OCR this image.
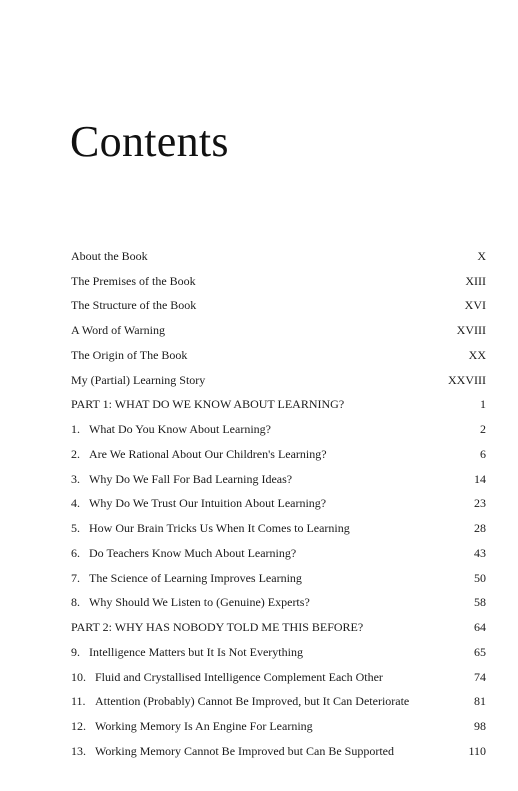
Contents
About the Book	X
The Premises of the Book	XIII
The Structure of the Book	XVI
A Word of Warning	XVIII
The Origin of The Book	XX
My (Partial) Learning Story	XXVIII
PART 1: WHAT DO WE KNOW ABOUT LEARNING?	1
1. What Do You Know About Learning?	2
2. Are We Rational About Our Children's Learning?	6
3. Why Do We Fall For Bad Learning Ideas?	14
4. Why Do We Trust Our Intuition About Learning?	23
5. How Our Brain Tricks Us When It Comes to Learning	28
6. Do Teachers Know Much About Learning?	43
7. The Science of Learning Improves Learning	50
8. Why Should We Listen to (Genuine) Experts?	58
PART 2: WHY HAS NOBODY TOLD ME THIS BEFORE?	64
9. Intelligence Matters but It Is Not Everything	65
10. Fluid and Crystallised Intelligence Complement Each Other	74
11. Attention (Probably) Cannot Be Improved, but It Can Deteriorate	81
12. Working Memory Is An Engine For Learning	98
13. Working Memory Cannot Be Improved but Can Be Supported	110
